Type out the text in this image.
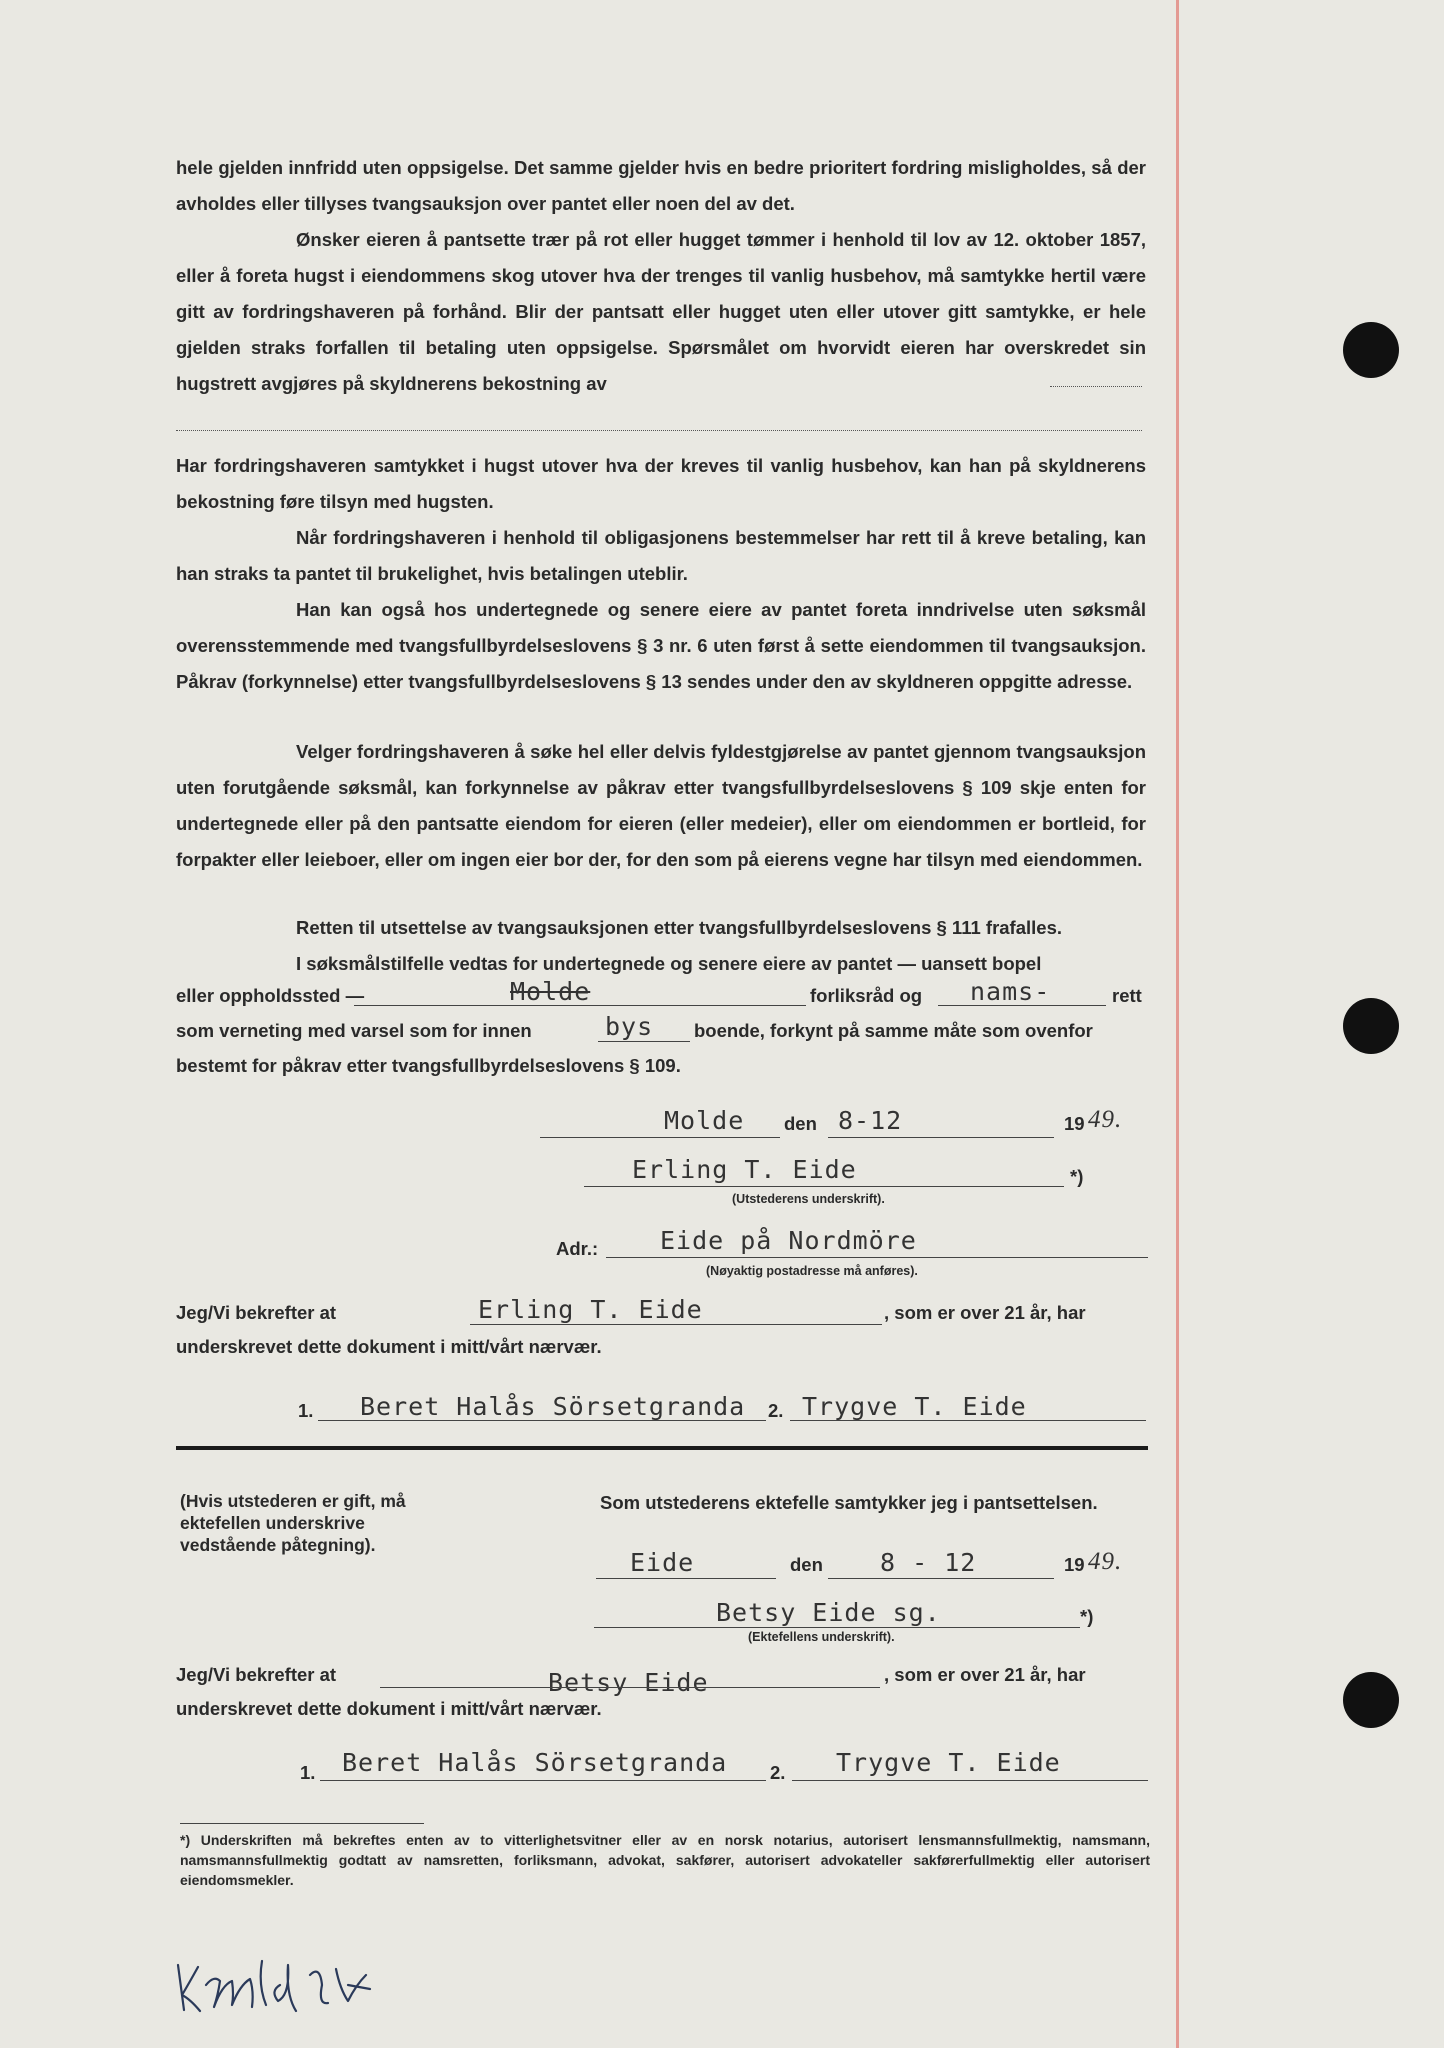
hele gjelden innfridd uten oppsigelse. Det samme gjelder hvis en bedre prioritert fordring misligholdes, så der avholdes eller tillyses tvangsauksjon over pantet eller noen del av det.
Ønsker eieren å pantsette trær på rot eller hugget tømmer i henhold til lov av 12. oktober 1857, eller å foreta hugst i eiendommens skog utover hva der trenges til vanlig husbehov, må samtykke hertil være gitt av fordringshaveren på forhånd. Blir der pantsatt eller hugget uten eller utover gitt samtykke, er hele gjelden straks forfallen til betaling uten oppsigelse. Spørsmålet om hvorvidt eieren har overskredet sin hugstrett avgjøres på skyldnerens bekostning av
Har fordringshaveren samtykket i hugst utover hva der kreves til vanlig husbehov, kan han på skyldnerens bekostning føre tilsyn med hugsten.
Når fordringshaveren i henhold til obligasjonens bestemmelser har rett til å kreve betaling, kan han straks ta pantet til brukelighet, hvis betalingen uteblir.
Han kan også hos undertegnede og senere eiere av pantet foreta inndrivelse uten søksmål overensstemmende med tvangsfullbyrdelseslovens § 3 nr. 6 uten først å sette eiendommen til tvangsauksjon. Påkrav (forkynnelse) etter tvangsfullbyrdelseslovens § 13 sendes under den av skyldneren oppgitte adresse.
Velger fordringshaveren å søke hel eller delvis fyldestgjørelse av pantet gjennom tvangsauksjon uten forutgående søksmål, kan forkynnelse av påkrav etter tvangsfullbyrdelseslovens § 109 skje enten for undertegnede eller på den pantsatte eiendom for eieren (eller medeier), eller om eiendommen er bortleid, for forpakter eller leieboer, eller om ingen eier bor der, for den som på eierens vegne har tilsyn med eiendommen.
Retten til utsettelse av tvangsauksjonen etter tvangsfullbyrdelseslovens § 111 frafalles.
I søksmålstilfelle vedtas for undertegnede og senere eiere av pantet — uansett bopel
eller oppholdssted —	Molde	forliksråd og nams-	rett
som verneting med varsel som for innen	bys boende, forkynt på samme måte som ovenfor
bestemt for påkrav etter tvangsfullbyrdelseslovens § 109.
Molde den 8-12	19 49.
Erling T. Eide	*)
(Utstederens underskrift).
Adr.: Eide på Nordmöre
(Nøyaktig postadresse må anføres).
Jeg/Vi bekrefter at	Erling T. Eide	, som er over 21 år, har
underskrevet dette dokument i mitt/vårt nærvær.
1. Beret Halås Sörsetgranda 2. Trygve T. Eide
(Hvis utstederen er gift, må ektefellen underskrive vedstående påtegning).
Som utstederens ektefelle samtykker jeg i pantsettelsen.
Eide	den 8 - 12	19 49.
Betsy Eide sg.	*)
(Ektefellens underskrift).
Jeg/Vi bekrefter at	Betsy Eide	, som er over 21 år, har
underskrevet dette dokument i mitt/vårt nærvær.
1. Beret Halås Sörsetgranda 2. Trygve T. Eide
*) Underskriften må bekreftes enten av to vitterlighetsvitner eller av en norsk notarius, autorisert lensmannsfullmektig, namsmann, namsmannsfullmektig godtatt av namsretten, forliksmann, advokat, sakfører, autorisert advokateller sakførerfullmektig eller autorisert eiendomsmekler.
